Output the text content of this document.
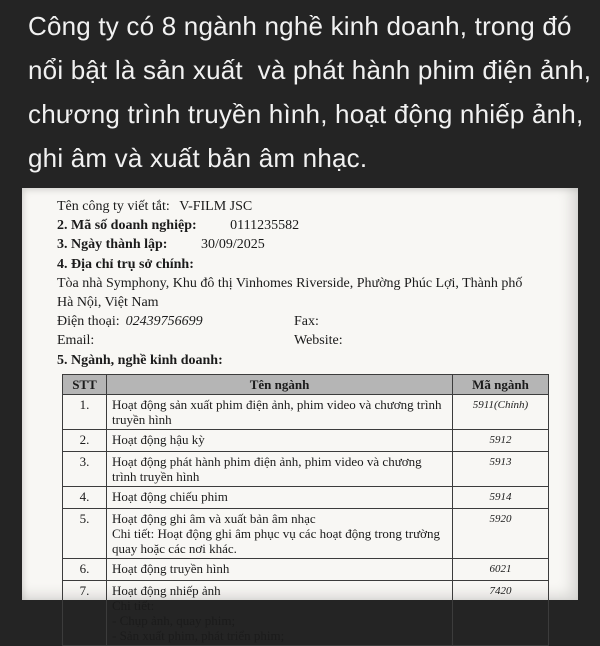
Công ty có 8 ngành nghề kinh doanh, trong đó
nổi bật là sản xuất  và phát hành phim điện ảnh,
chương trình truyền hình, hoạt động nhiếp ảnh,
ghi âm và xuất bản âm nhạc.
Tên công ty viết tắt: V-FILM JSC
2. Mã số doanh nghiệp: 0111235582
3. Ngày thành lập: 30/09/2025
4. Địa chỉ trụ sở chính:
Tòa nhà Symphony, Khu đô thị Vinhomes Riverside, Phường Phúc Lợi, Thành phố
Hà Nội, Việt Nam
Điện thoại: 02439756699	Fax:
Email:	Website:
5. Ngành, nghề kinh doanh:
STT	Tên ngành	Mã ngành
1.	Hoạt động sản xuất phim điện ảnh, phim video và chương trình truyền hình	5911(Chính)
2.	Hoạt động hậu kỳ	5912
3.	Hoạt động phát hành phim điện ảnh, phim video và chương trình truyền hình	5913
4.	Hoạt động chiếu phim	5914
5.	Hoạt động ghi âm và xuất bản âm nhạc
Chi tiết: Hoạt động ghi âm phục vụ các hoạt động trong trường quay hoặc các nơi khác.	5920
6.	Hoạt động truyền hình	6021
7.	Hoạt động nhiếp ảnh
Chi tiết:
- Chụp ảnh, quay phim;
- Sản xuất phim, phát triển phim;	7420
